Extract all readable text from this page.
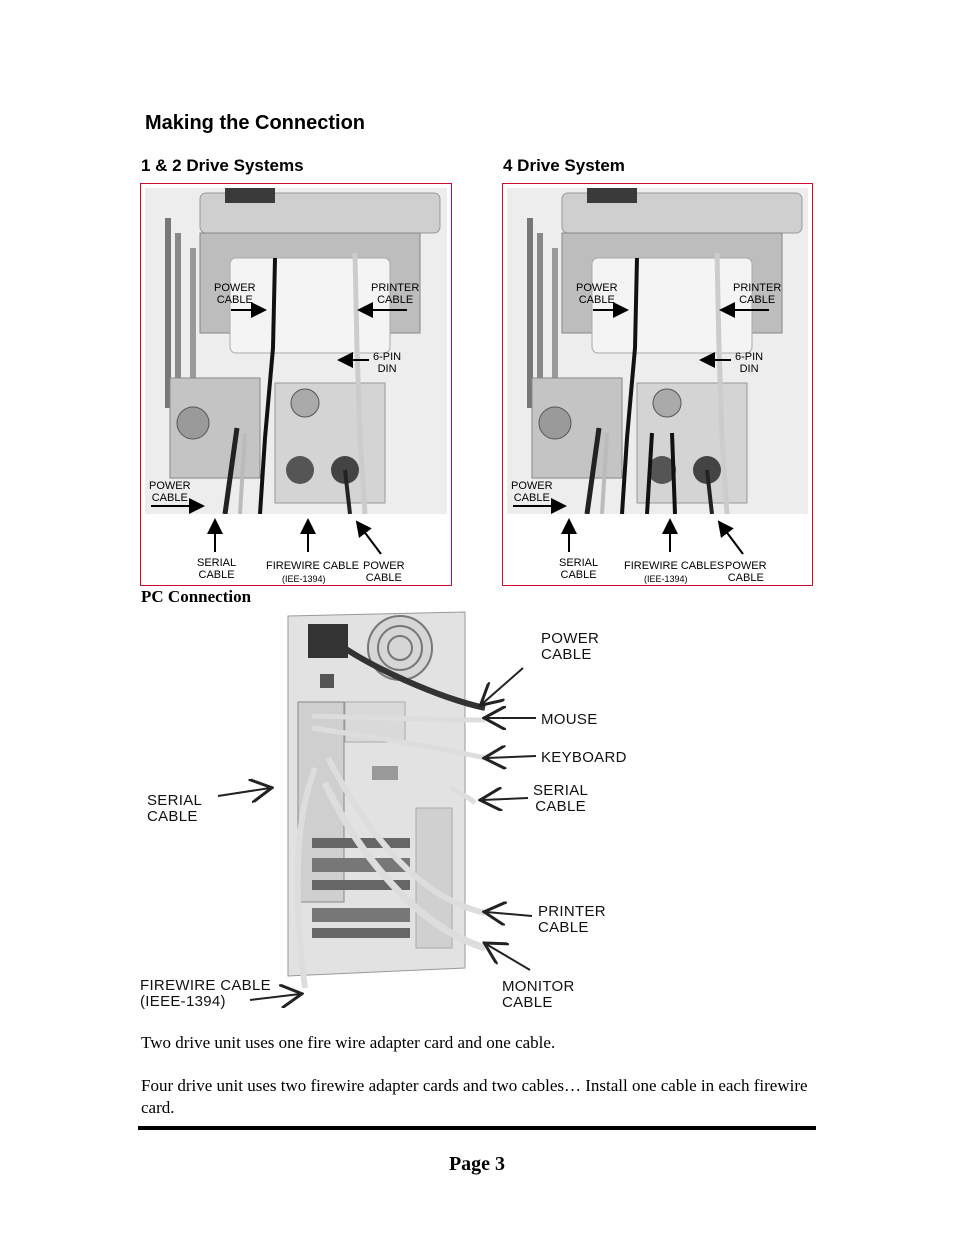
Making the Connection
1 & 2 Drive Systems
POWER
CABLE
PRINTER
CABLE
6-PIN
DIN
POWER
CABLE
SERIAL
CABLE
FIREWIRE CABLE
(IEE-1394)
POWER
CABLE
4 Drive System
POWER
CABLE
PRINTER
CABLE
6-PIN
DIN
POWER
CABLE
SERIAL
CABLE
FIREWIRE CABLES
(IEE-1394)
POWER
CABLE
PC Connection
POWER
CABLE
MOUSE
KEYBOARD
SERIAL
CABLE
SERIAL
CABLE
PRINTER
CABLE
MONITOR
CABLE
FIREWIRE CABLE
(IEEE-1394)
Two drive unit uses one fire wire adapter card and one cable.
Four drive unit uses two firewire adapter cards and two cables… Install one cable in each firewire card.
Page 3
